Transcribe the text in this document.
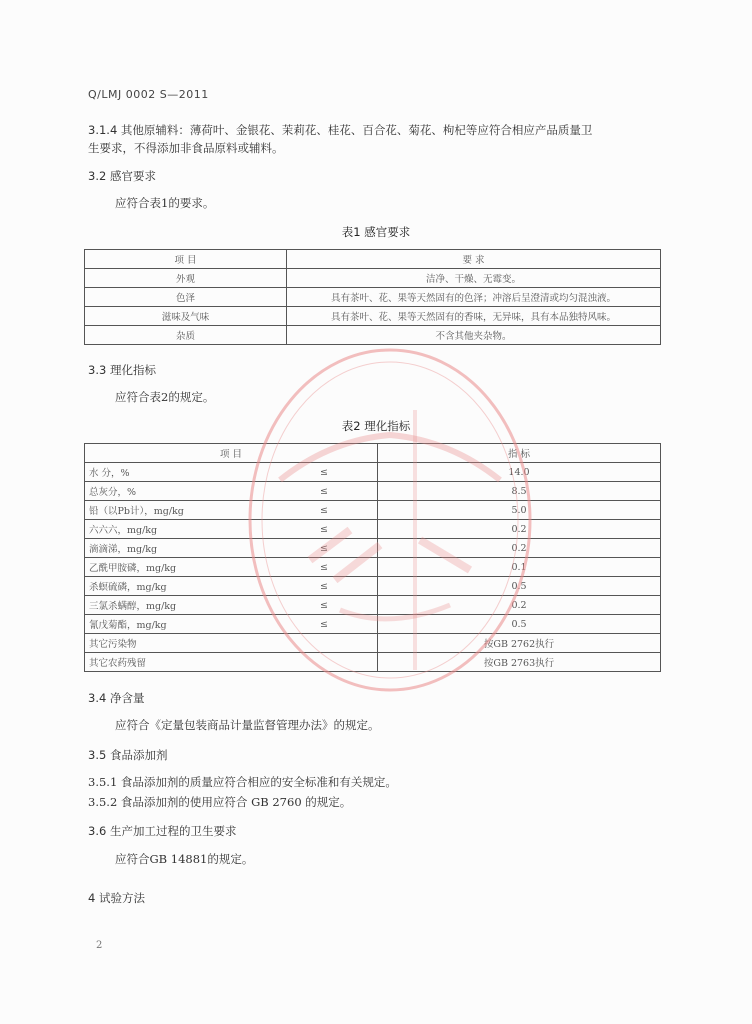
Q/LMJ 0002 S—2011
3.1.4 其他原辅料：薄荷叶、金银花、茉莉花、桂花、百合花、菊花、枸杞等应符合相应产品质量卫
生要求，不得添加非食品原料或辅料。
3.2 感官要求
应符合表1的要求。
表1 感官要求
项 目	要 求
外观	洁净、干燥、无霉变。
色泽	具有茶叶、花、果等天然固有的色泽；冲溶后呈澄清或均匀混浊液。
滋味及气味	具有茶叶、花、果等天然固有的香味，无异味，具有本品独特风味。
杂质	不含其他夹杂物。
3.3 理化指标
应符合表2的规定。
表2 理化指标
项 目		指 标
水 分，%	≤	14.0
总灰分，%	≤	8.5
铅（以Pb计），mg/kg	≤	5.0
六六六，mg/kg	≤	0.2
滴滴涕，mg/kg	≤	0.2
乙酰甲胺磷，mg/kg	≤	0.1
杀螟硫磷，mg/kg	≤	0.5
三氯杀螨醇，mg/kg	≤	0.2
氰戊菊酯，mg/kg	≤	0.5
其它污染物		按GB 2762执行
其它农药残留		按GB 2763执行
3.4 净含量
应符合《定量包装商品计量监督管理办法》的规定。
3.5 食品添加剂
3.5.1 食品添加剂的质量应符合相应的安全标准和有关规定。
3.5.2 食品添加剂的使用应符合 GB 2760 的规定。
3.6 生产加工过程的卫生要求
应符合GB 14881的规定。
4 试验方法
2
